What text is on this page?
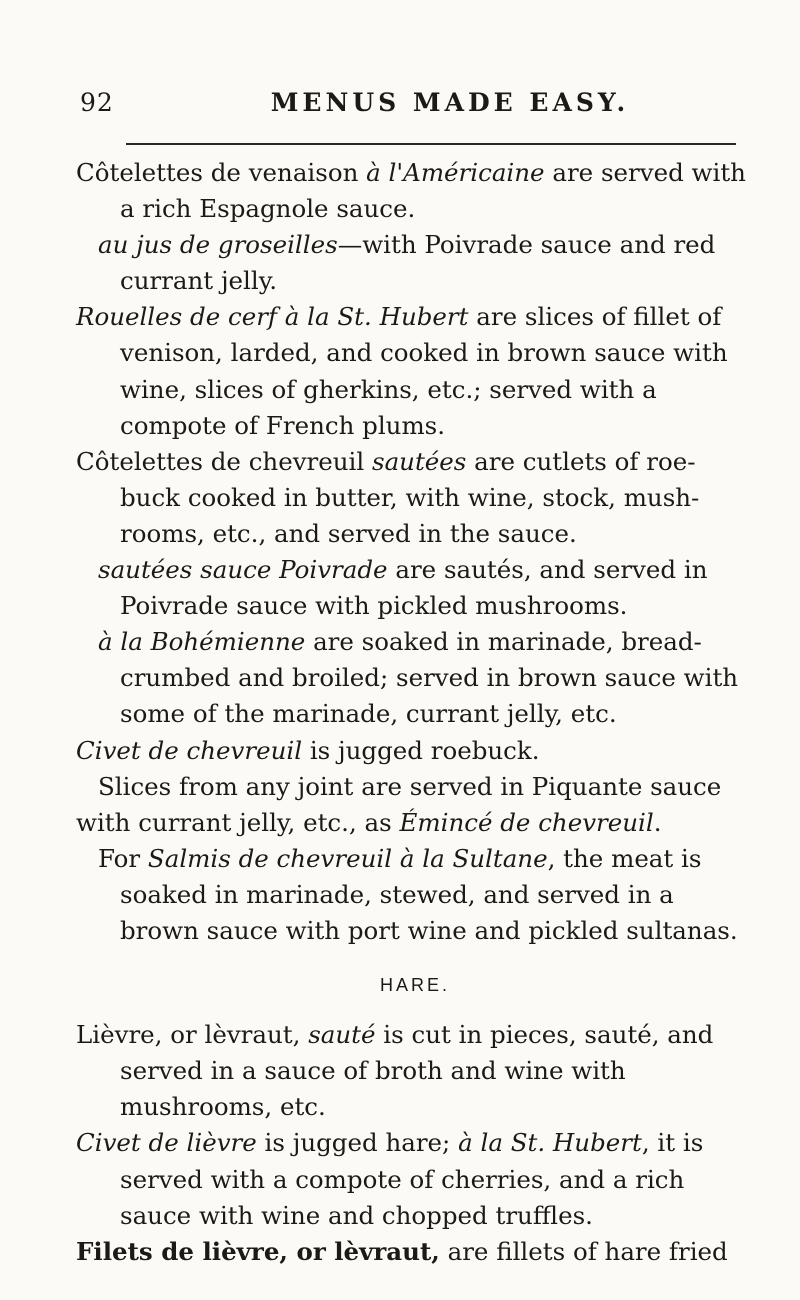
92	MENUS MADE EASY.

Côtelettes de venaison à l'Américaine are served with a rich Espagnole sauce.

au jus de groseilles—with Poivrade sauce and red currant jelly.

Rouelles de cerf à la St. Hubert are slices of fillet of venison, larded, and cooked in brown sauce with wine, slices of gherkins, etc.; served with a compote of French plums.

Côtelettes de chevreuil sautées are cutlets of roe-buck cooked in butter, with wine, stock, mush-rooms, etc., and served in the sauce.

sautées sauce Poivrade are sautés, and served in Poivrade sauce with pickled mushrooms.

à la Bohémienne are soaked in marinade, bread-crumbed and broiled; served in brown sauce with some of the marinade, currant jelly, etc.

Civet de chevreuil is jugged roebuck.

Slices from any joint are served in Piquante sauce with currant jelly, etc., as Émincé de chevreuil.

For Salmis de chevreuil à la Sultane, the meat is soaked in marinade, stewed, and served in a brown sauce with port wine and pickled sultanas.

HARE.

Lièvre, or lèvraut, sauté is cut in pieces, sauté, and served in a sauce of broth and wine with mushrooms, etc.

Civet de lièvre is jugged hare; à la St. Hubert, it is served with a compote of cherries, and a rich sauce with wine and chopped truffles.

Filets de lièvre, or lèvraut, are fillets of hare fried
